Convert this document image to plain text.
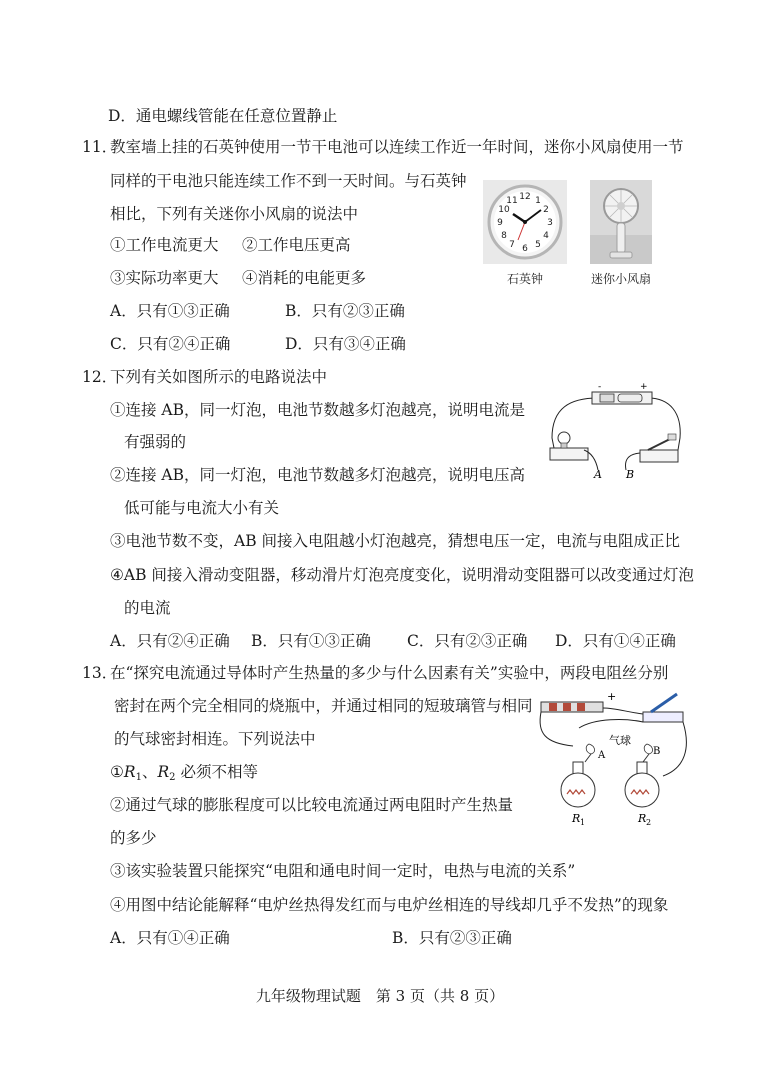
D．通电螺线管能在任意位置静止
11．
教室墙上挂的石英钟使用一节干电池可以连续工作近一年时间，迷你小风扇使用一节
同样的干电池只能连续工作不到一天时间。与石英钟
相比，下列有关迷你小风扇的说法中
①工作电流更大 ②工作电压更高
③实际功率更大 ④消耗的电能更多
A．只有①③正确	B．只有②③正确
C．只有②④正确	D．只有③④正确
12 1
2
3
4
5
6
7
8
9
10
11
石英钟	迷你小风扇
12．
下列有关如图所示的电路说法中
①连接 AB，同一灯泡，电池节数越多灯泡越亮，说明电流是
有强弱的
②连接 AB，同一灯泡，电池节数越多灯泡越亮，说明电压高
低可能与电流大小有关
③电池节数不变，AB 间接入电阻越小灯泡越亮，猜想电压一定，电流与电阻成正比
④AB 间接入滑动变阻器，移动滑片灯泡亮度变化，说明滑动变阻器可以改变通过灯泡
的电流
A．只有②④正确 B．只有①③正确 C．只有②③正确 D．只有①④正确
-	+
A B
13．
在“探究电流通过导体时产生热量的多少与什么因素有关”实验中，两段电阻丝分别
密封在两个完全相同的烧瓶中，并通过相同的短玻璃管与相同
的气球密封相连。下列说法中
$①R_1$、$R_2$ 必须不相等
②通过气球的膨胀程度可以比较电流通过两电阻时产生热量
的多少
③该实验装置只能探究“电阻和通电时间一定时，电热与电流的关系”
④用图中结论能解释“电炉丝热得发红而与电炉丝相连的导线却几乎不发热”的现象
A．只有①④正确	B．只有②③正确
+
气球
A	B
R 1	R 2
九年级物理试题　第 3 页（共 8 页）
